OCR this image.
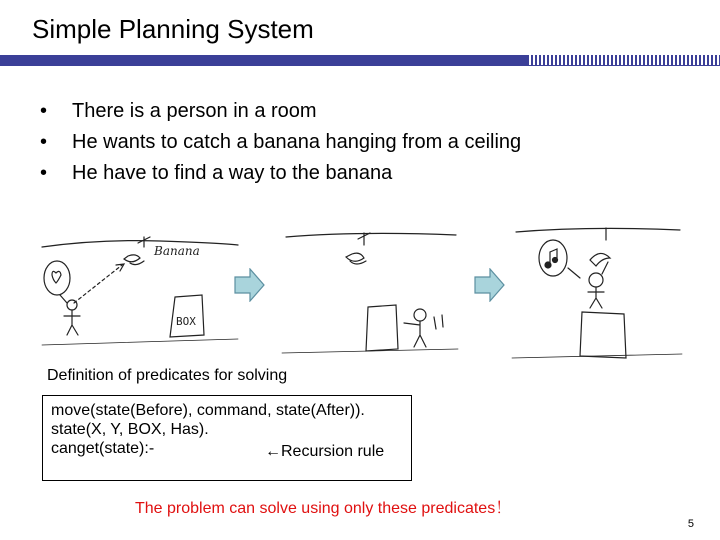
Simple Planning System
• There is a person in a room
• He wants to catch a banana hanging from a ceiling
• He have to find a way to the banana
Banana
BOX
Definition of predicates for solving
move(state(Before), command, state(After)).
state(X, Y, BOX, Has).
canget(state):-	←Recursion rule
The problem can solve using only these predicates！
5
